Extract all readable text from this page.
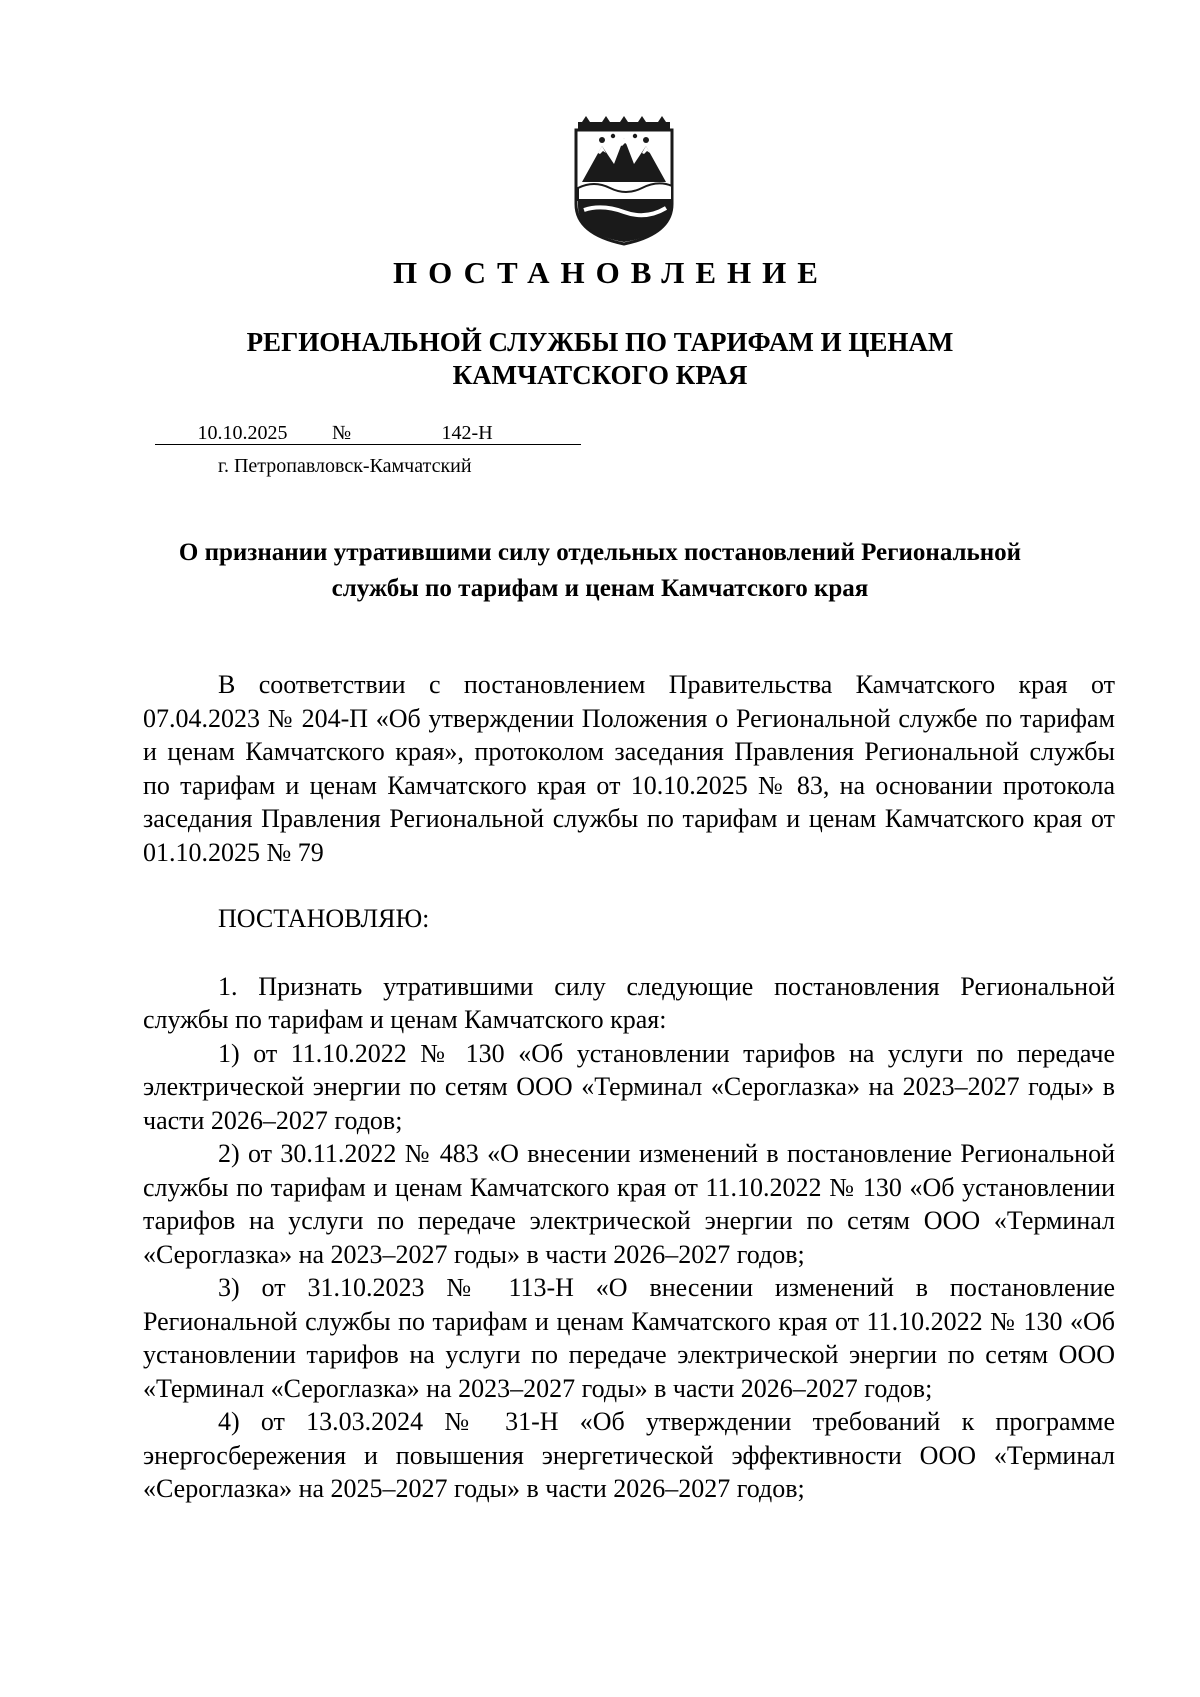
ПОСТАНОВЛЕНИЕ
РЕГИОНАЛЬНОЙ СЛУЖБЫ ПО ТАРИФАМ И ЦЕНАМ
КАМЧАТСКОГО КРАЯ
10.10.2025 №	142-Н
г. Петропавловск-Камчатский
О признании утратившими силу отдельных постановлений Региональной
службы по тарифам и ценам Камчатского края

В соответствии с постановлением Правительства Камчатского края от 07.04.2023 № 204-П «Об утверждении Положения о Региональной службе по тарифам и ценам Камчатского края», протоколом заседания Правления Региональной службы по тарифам и ценам Камчатского края от 10.10.2025 № 83, на основании протокола заседания Правления Региональной службы по тарифам и ценам Камчатского края от 01.10.2025 № 79

ПОСТАНОВЛЯЮ:

1. Признать утратившими силу следующие постановления Региональной службы по тарифам и ценам Камчатского края:

1) от 11.10.2022 № 130 «Об установлении тарифов на услуги по передаче электрической энергии по сетям ООО «Терминал «Сероглазка» на 2023–2027 годы» в части 2026–2027 годов;

2) от 30.11.2022 № 483 «О внесении изменений в постановление Региональной службы по тарифам и ценам Камчатского края от 11.10.2022 № 130 «Об установлении тарифов на услуги по передаче электрической энергии по сетям ООО «Терминал «Сероглазка» на 2023–2027 годы» в части 2026–2027 годов;

3) от 31.10.2023 № 113-Н «О внесении изменений в постановление Региональной службы по тарифам и ценам Камчатского края от 11.10.2022 № 130 «Об установлении тарифов на услуги по передаче электрической энергии по сетям ООО «Терминал «Сероглазка» на 2023–2027 годы» в части 2026–2027 годов;

4) от 13.03.2024 № 31-Н «Об утверждении требований к программе энергосбережения и повышения энергетической эффективности ООО «Терминал «Сероглазка» на 2025–2027 годы» в части 2026–2027 годов;
